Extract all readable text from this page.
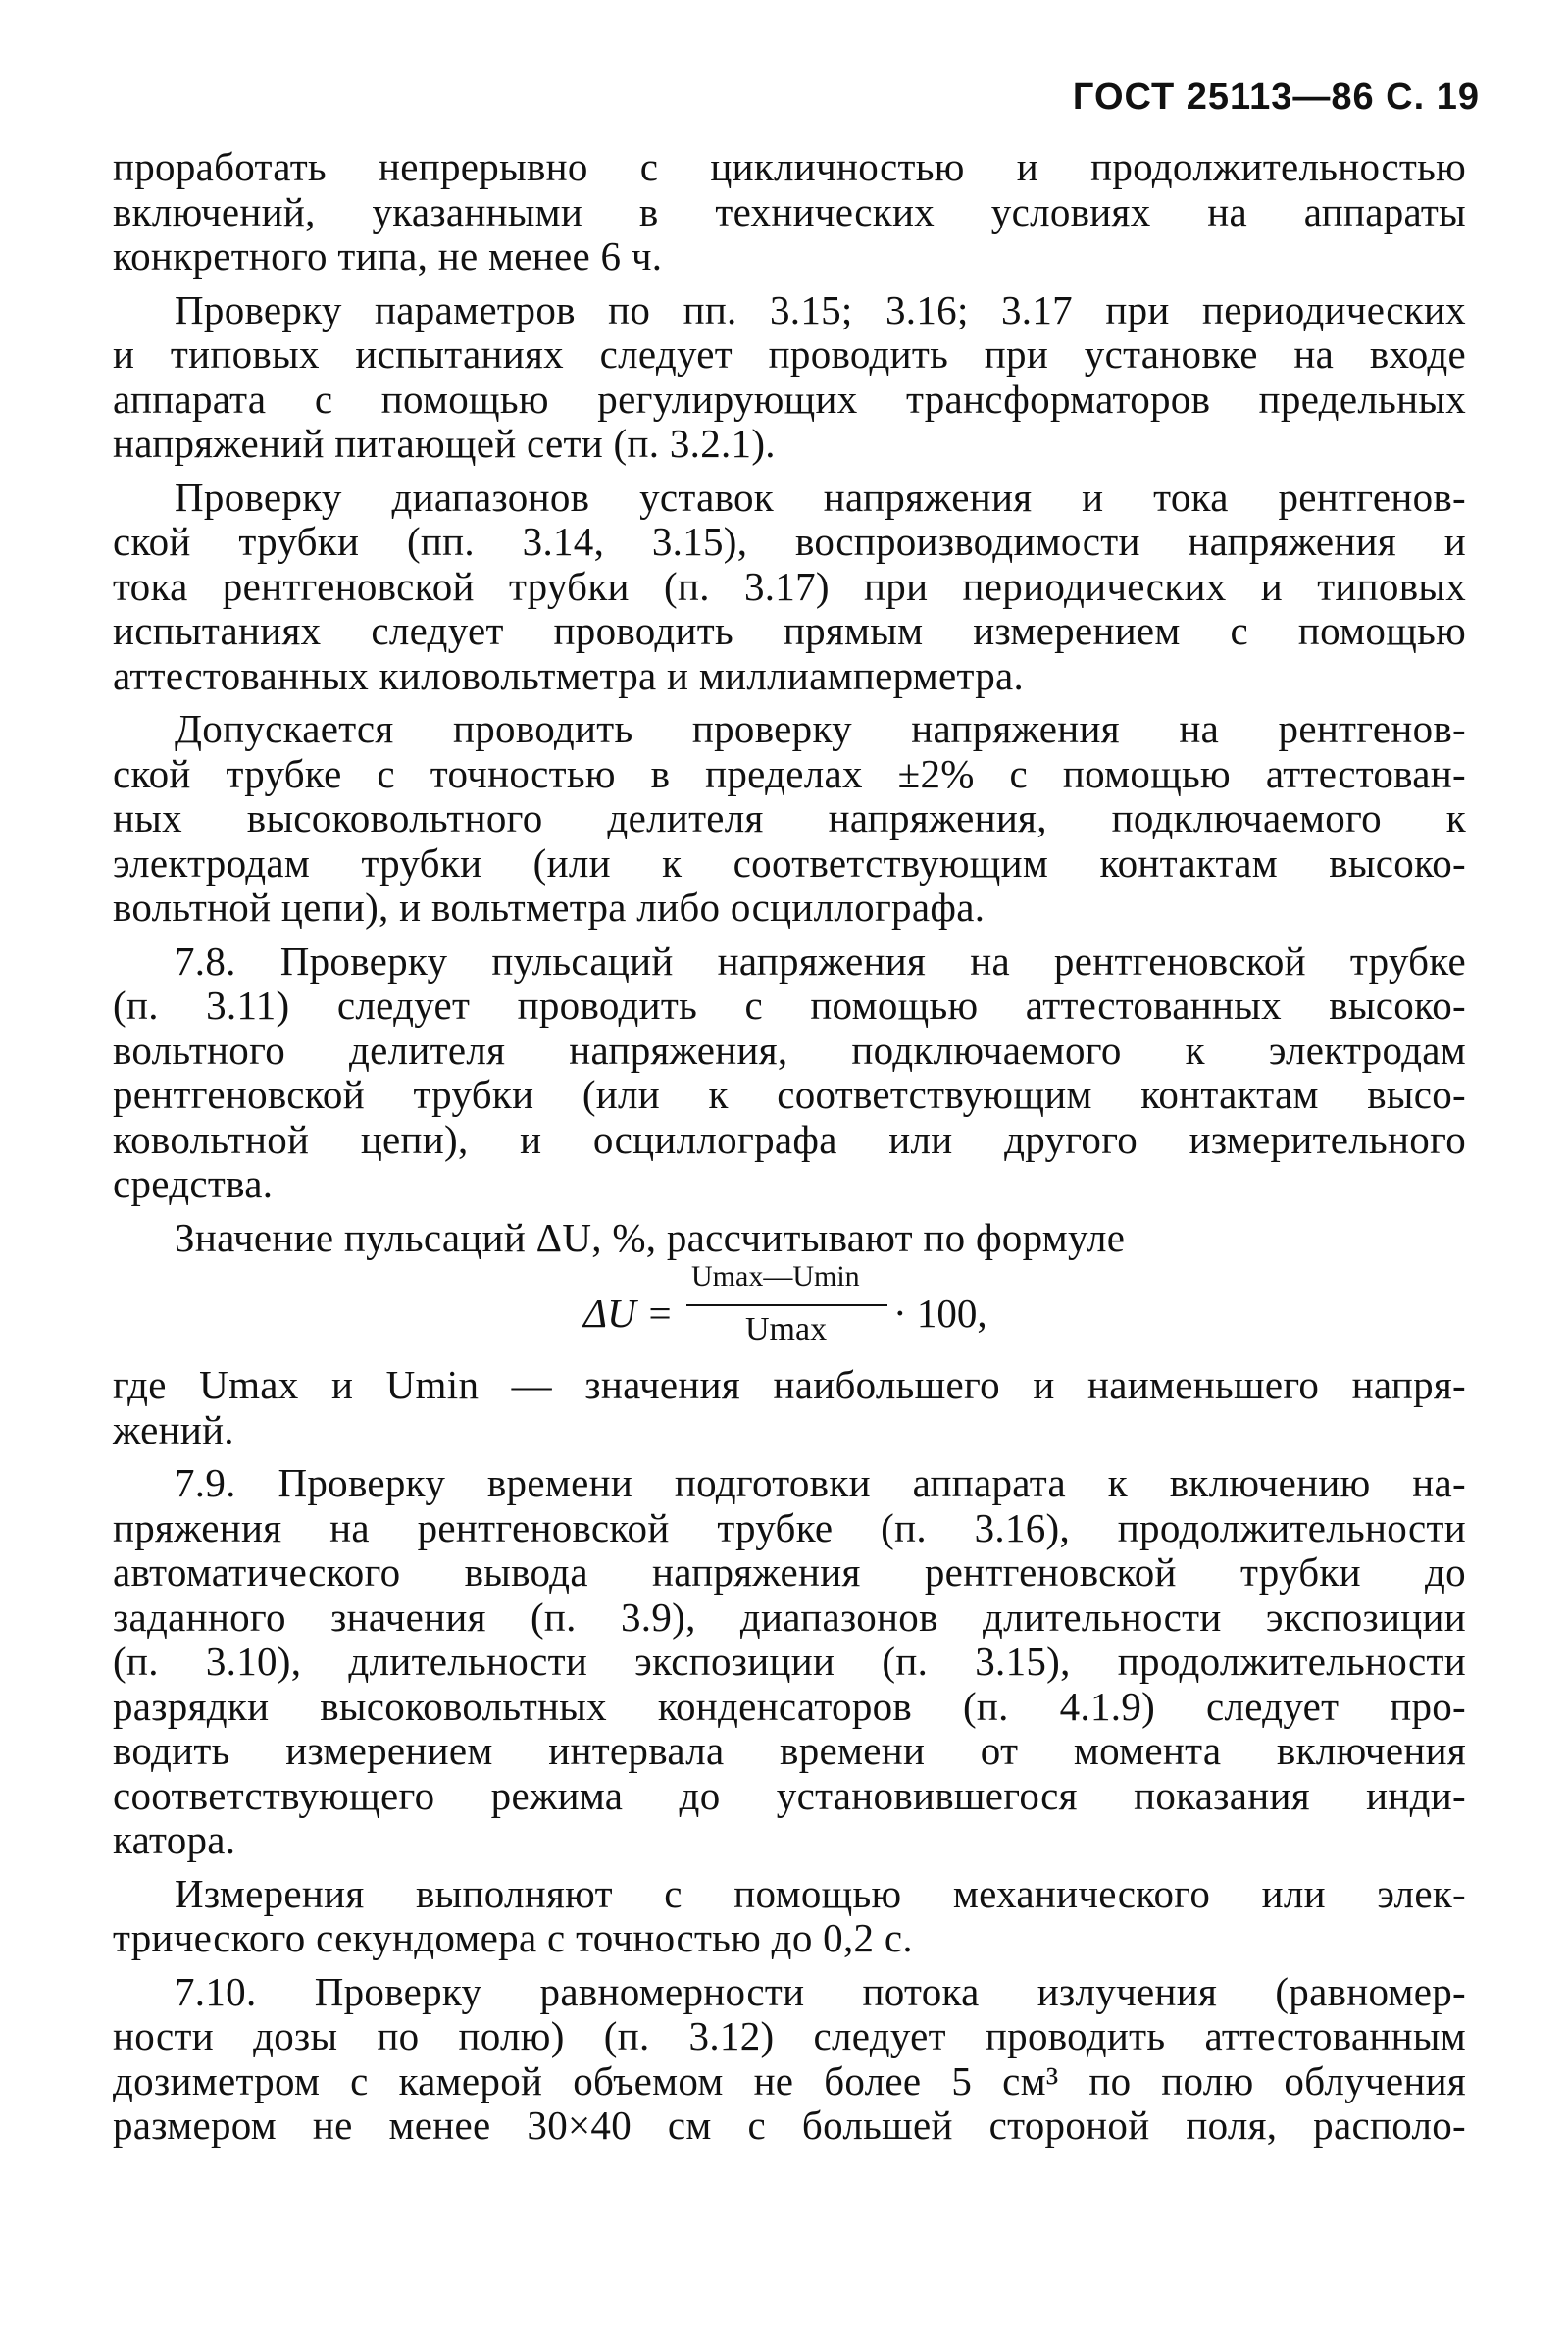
ГОСТ 25113—86 С. 19
проработать непрерывно с цикличностью и продолжительностью
включений, указанными в технических условиях на аппараты
конкретного типа, не менее 6 ч.
Проверку параметров по пп. 3.15; 3.16; 3.17 при периодических
и типовых испытаниях следует проводить при установке на входе
аппарата с помощью регулирующих трансформаторов предельных
напряжений питающей сети (п. 3.2.1).
Проверку диапазонов уставок напряжения и тока рентгенов-
ской трубки (пп. 3.14, 3.15), воспроизводимости напряжения и
тока рентгеновской трубки (п. 3.17) при периодических и типовых
испытаниях следует проводить прямым измерением с помощью
аттестованных киловольтметра и миллиамперметра.
Допускается проводить проверку напряжения на рентгенов-
ской трубке с точностью в пределах ±2% с помощью аттестован-
ных высоковольтного делителя напряжения, подключаемого к
электродам трубки (или к соответствующим контактам высоко-
вольтной цепи), и вольтметра либо осциллографа.
7.8. Проверку пульсаций напряжения на рентгеновской трубке
(п. 3.11) следует проводить с помощью аттестованных высоко-
вольтного делителя напряжения, подключаемого к электродам
рентгеновской трубки (или к соответствующим контактам высо-
ковольтной цепи), и осциллографа или другого измерительного
средства.
Значение пульсаций ΔU, %, рассчитывают по формуле
ΔU =
Umax—Umin
Umax · 100,
где Umax и Umin — значения наибольшего и наименьшего напря-
жений.
7.9. Проверку времени подготовки аппарата к включению на-
пряжения на рентгеновской трубке (п. 3.16), продолжительности
автоматического вывода напряжения рентгеновской трубки до
заданного значения (п. 3.9), диапазонов длительности экспозиции
(п. 3.10), длительности экспозиции (п. 3.15), продолжительности
разрядки высоковольтных конденсаторов (п. 4.1.9) следует про-
водить измерением интервала времени от момента включения
соответствующего режима до установившегося показания инди-
катора.
Измерения выполняют с помощью механического или элек-
трического секундомера с точностью до 0,2 с.
7.10. Проверку равномерности потока излучения (равномер-
ности дозы по полю) (п. 3.12) следует проводить аттестованным
дозиметром с камерой объемом не более 5 см³ по полю облучения
размером не менее 30×40 см с большей стороной поля, располо-
